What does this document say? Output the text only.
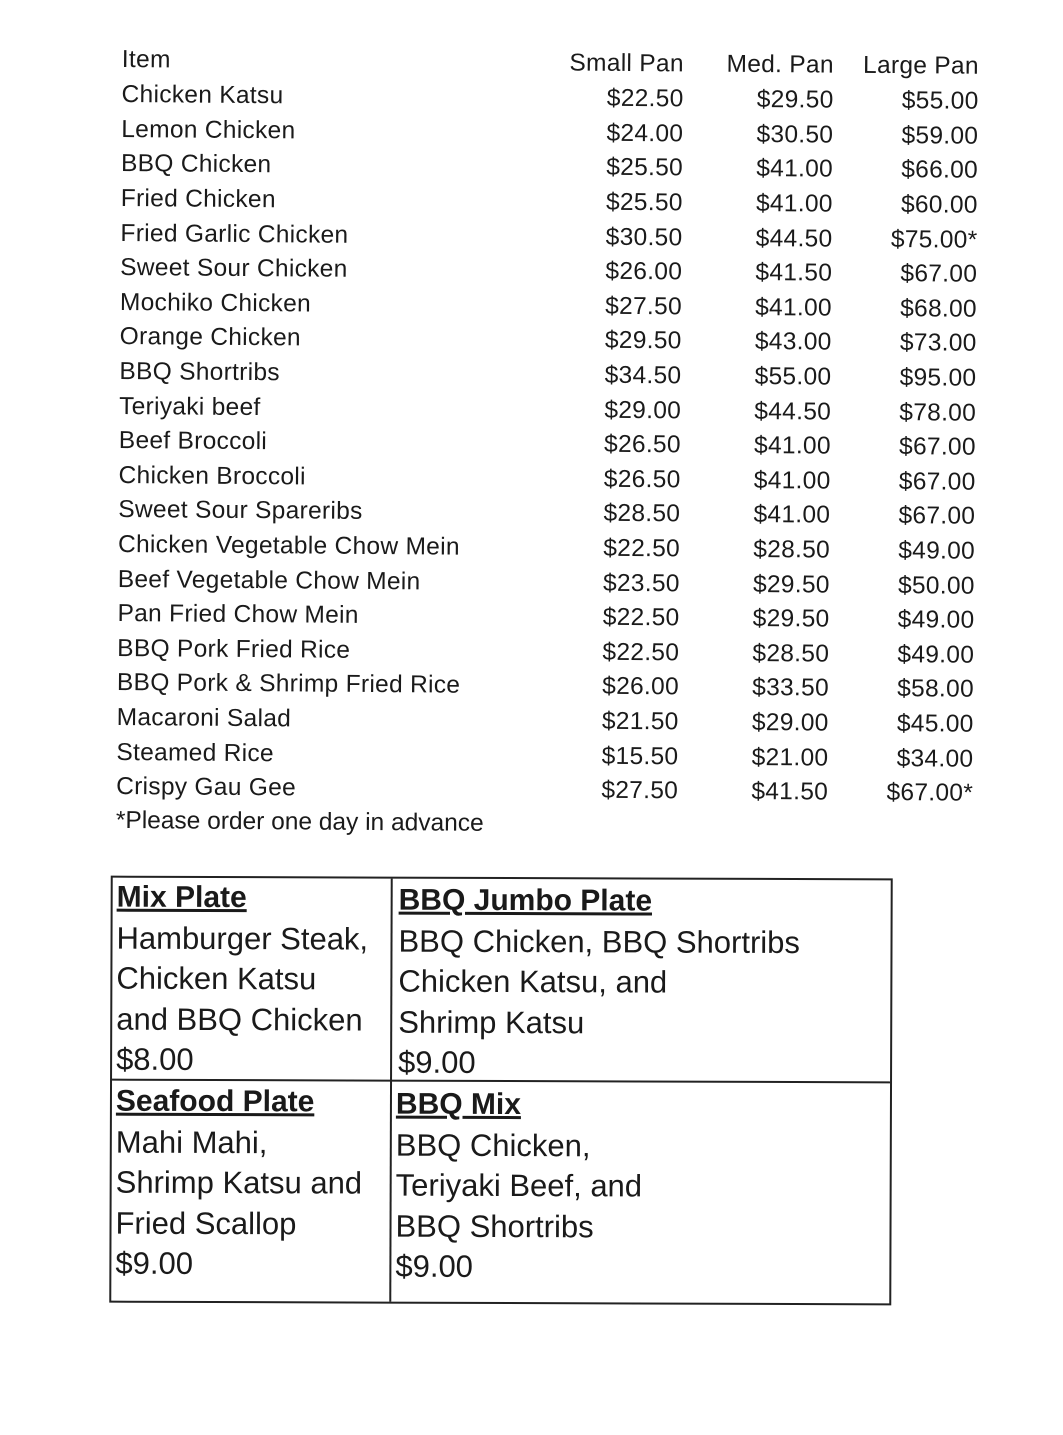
Item	Small Pan	Med. Pan	Large Pan
Chicken Katsu	$22.50	$29.50	$55.00
Lemon Chicken	$24.00	$30.50	$59.00
BBQ Chicken	$25.50	$41.00	$66.00
Fried Chicken	$25.50	$41.00	$60.00
Fried Garlic Chicken	$30.50	$44.50	$75.00*
Sweet Sour Chicken	$26.00	$41.50	$67.00
Mochiko Chicken	$27.50	$41.00	$68.00
Orange Chicken	$29.50	$43.00	$73.00
BBQ Shortribs	$34.50	$55.00	$95.00
Teriyaki beef	$29.00	$44.50	$78.00
Beef Broccoli	$26.50	$41.00	$67.00
Chicken Broccoli	$26.50	$41.00	$67.00
Sweet Sour Spareribs	$28.50	$41.00	$67.00
Chicken Vegetable Chow Mein	$22.50	$28.50	$49.00
Beef Vegetable Chow Mein	$23.50	$29.50	$50.00
Pan Fried Chow Mein	$22.50	$29.50	$49.00
BBQ Pork Fried Rice	$22.50	$28.50	$49.00
BBQ Pork & Shrimp Fried Rice	$26.00	$33.50	$58.00
Macaroni Salad	$21.50	$29.00	$45.00
Steamed Rice	$15.50	$21.00	$34.00
Crispy Gau Gee	$27.50	$41.50	$67.00*
*Please order one day in advance
Mix Plate
Hamburger Steak,
Chicken Katsu
and BBQ Chicken
$8.00
BBQ Jumbo Plate
BBQ Chicken, BBQ Shortribs
Chicken Katsu, and
Shrimp Katsu
$9.00
Seafood Plate
Mahi Mahi,
Shrimp Katsu and
Fried Scallop
$9.00
BBQ Mix
BBQ Chicken,
Teriyaki Beef, and
BBQ Shortribs
$9.00
